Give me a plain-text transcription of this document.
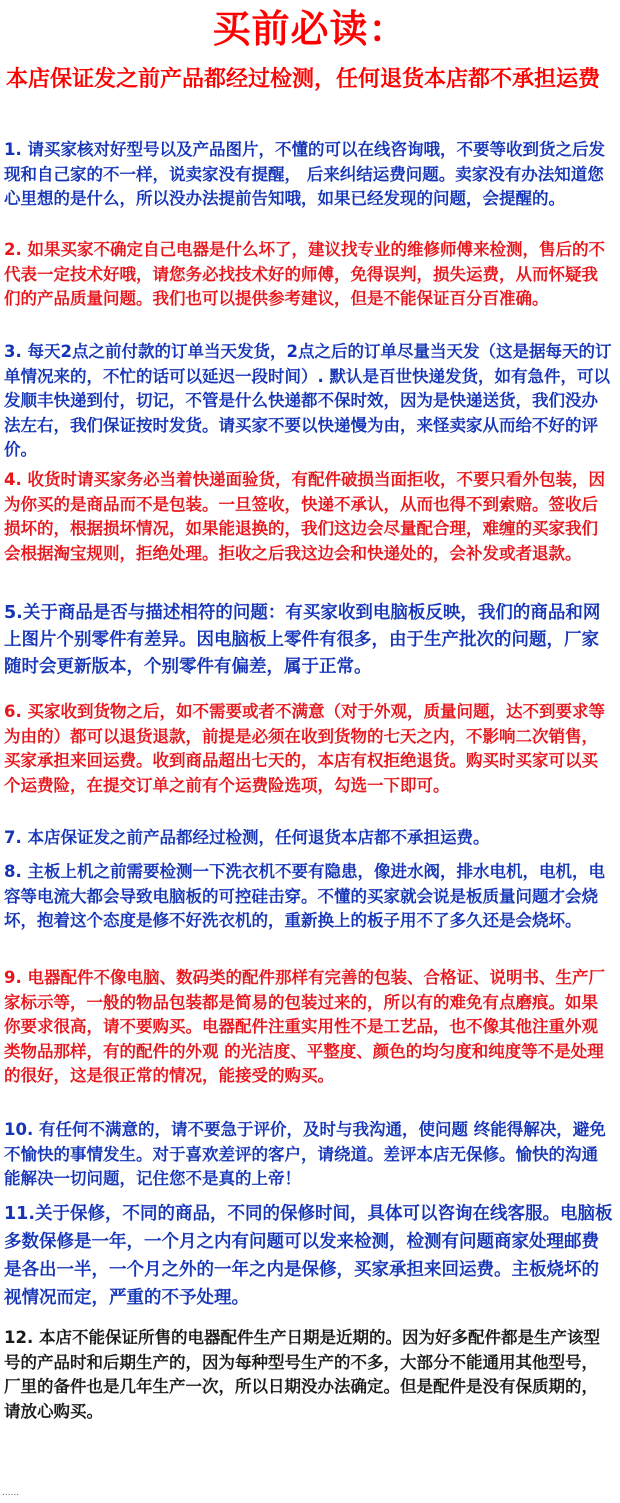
买前必读：
本店保证发之前产品都经过检测，任何退货本店都不承担运费

1. 请买家核对好型号以及产品图片，不懂的可以在线咨询哦，不要等收到货之后发现和自己家的不一样，说卖家没有提醒， 后来纠结运费问题。卖家没有办法知道您心里想的是什么，所以没办法提前告知哦，如果已经发现的问题，会提醒的。

2. 如果买家不确定自己电器是什么坏了，建议找专业的维修师傅来检测，售后的不代表一定技术好哦，请您务必找技术好的师傅，免得误判，损失运费，从而怀疑我们的产品质量问题。我们也可以提供参考建议，但是不能保证百分百准确。

3. 每天2点之前付款的订单当天发货，2点之后的订单尽量当天发（这是据每天的订单情况来的，不忙的话可以延迟一段时间）. 默认是百世快递发货，如有急件，可以发顺丰快递到付，切记，不管是什么快递都不保时效，因为是快递送货，我们没办法左右，我们保证按时发货。请买家不要以快递慢为由，来怪卖家从而给不好的评价。

4. 收货时请买家务必当着快递面验货，有配件破损当面拒收，不要只看外包装，因为你买的是商品而不是包装。一旦签收，快递不承认，从而也得不到索赔。签收后损坏的，根据损坏情况，如果能退换的，我们这边会尽量配合理，难缠的买家我们会根据淘宝规则，拒绝处理。拒收之后我这边会和快递处的，会补发或者退款。

5.关于商品是否与描述相符的问题：有买家收到电脑板反映，我们的商品和网上图片个别零件有差异。因电脑板上零件有很多，由于生产批次的问题，厂家随时会更新版本，个别零件有偏差，属于正常。

6. 买家收到货物之后，如不需要或者不满意（对于外观，质量问题，达不到要求等为由的）都可以退货退款，前提是必须在收到货物的七天之内，不影响二次销售，买家承担来回运费。收到商品超出七天的，本店有权拒绝退货。购买时买家可以买个运费险，在提交订单之前有个运费险选项，勾选一下即可。

7. 本店保证发之前产品都经过检测，任何退货本店都不承担运费。

8. 主板上机之前需要检测一下洗衣机不要有隐患，像进水阀，排水电机，电机，电容等电流大都会导致电脑板的可控硅击穿。不懂的买家就会说是板质量问题才会烧坏，抱着这个态度是修不好洗衣机的，重新换上的板子用不了多久还是会烧坏。

9. 电器配件不像电脑、数码类的配件那样有完善的包装、合格证、说明书、生产厂家标示等，一般的物品包装都是简易的包装过来的，所以有的难免有点磨痕。如果你要求很高，请不要购买。电器配件注重实用性不是工艺品，也不像其他注重外观类物品那样，有的配件的外观 的光洁度、平整度、颜色的均匀度和纯度等不是处理的很好，这是很正常的情况，能接受的购买。

10. 有任何不满意的，请不要急于评价，及时与我沟通，使问题 终能得解决，避免不愉快的事情发生。对于喜欢差评的客户，请绕道。差评本店无保修。愉快的沟通能解决一切问题，记住您不是真的上帝！

11.关于保修，不同的商品，不同的保修时间，具体可以咨询在线客服。电脑板多数保修是一年，一个月之内有问题可以发来检测，检测有问题商家处理邮费是各出一半，一个月之外的一年之内是保修，买家承担来回运费。主板烧坏的视情况而定，严重的不予处理。

12. 本店不能保证所售的电器配件生产日期是近期的。因为好多配件都是生产该型号的产品时和后期生产的，因为每种型号生产的不多，大部分不能通用其他型号，厂里的备件也是几年生产一次，所以日期没办法确定。但是配件是没有保质期的，请放心购买。

......
